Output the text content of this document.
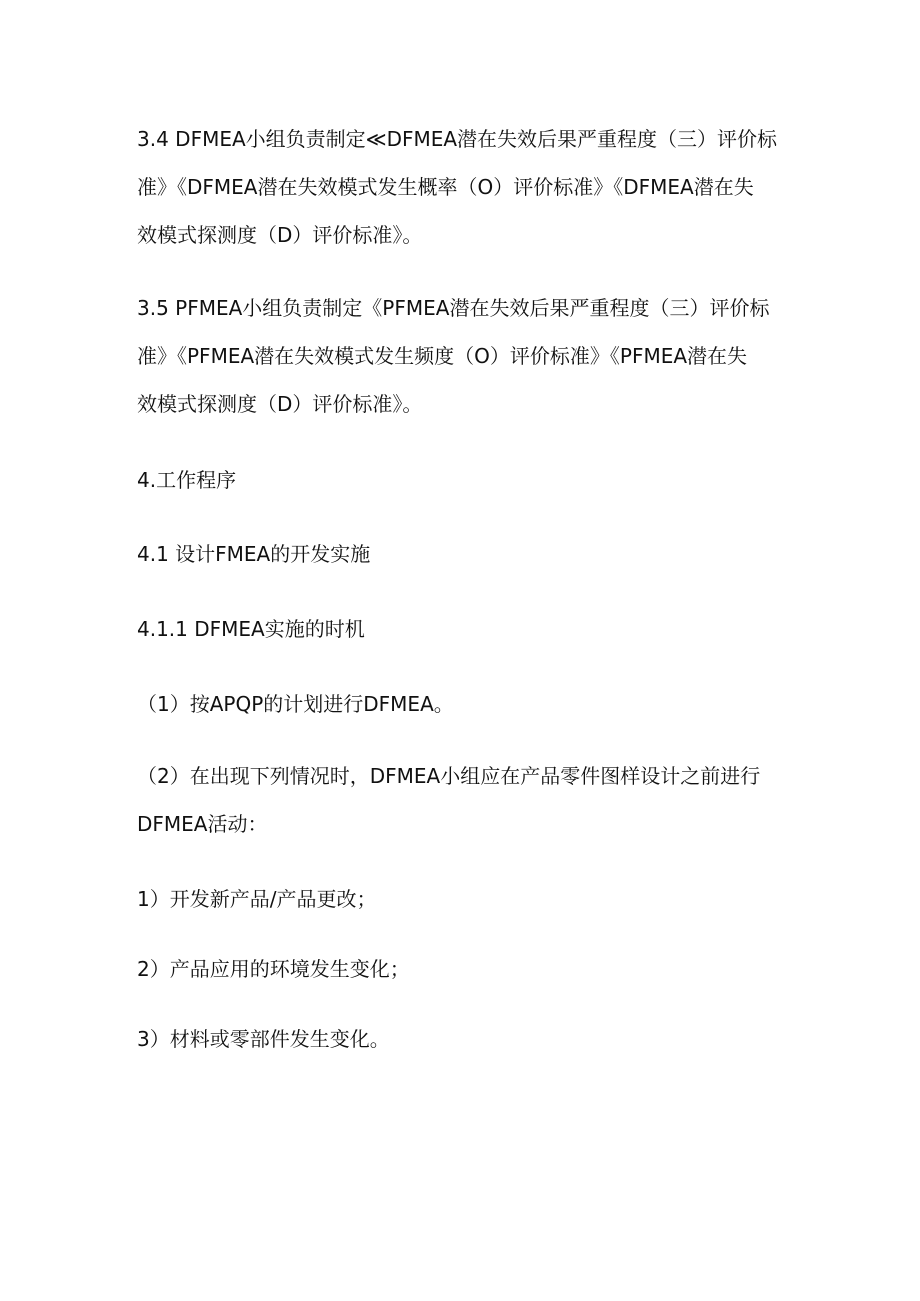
3.4 DFMEA小组负责制定≪DFMEA潜在失效后果严重程度（三）评价标
准》《DFMEA潜在失效模式发生概率（O）评价标准》《DFMEA潜在失
效模式探测度（D）评价标准》。
3.5 PFMEA小组负责制定《PFMEA潜在失效后果严重程度（三）评价标
准》《PFMEA潜在失效模式发生频度（O）评价标准》《PFMEA潜在失
效模式探测度（D）评价标准》。
4.工作程序
4.1 设计FMEA的开发实施
4.1.1 DFMEA实施的时机
（1）按APQP的计划进行DFMEA。
（2）在出现下列情况时，DFMEA小组应在产品零件图样设计之前进行
DFMEA活动：
1）开发新产品/产品更改；
2）产品应用的环境发生变化；
3）材料或零部件发生变化。
